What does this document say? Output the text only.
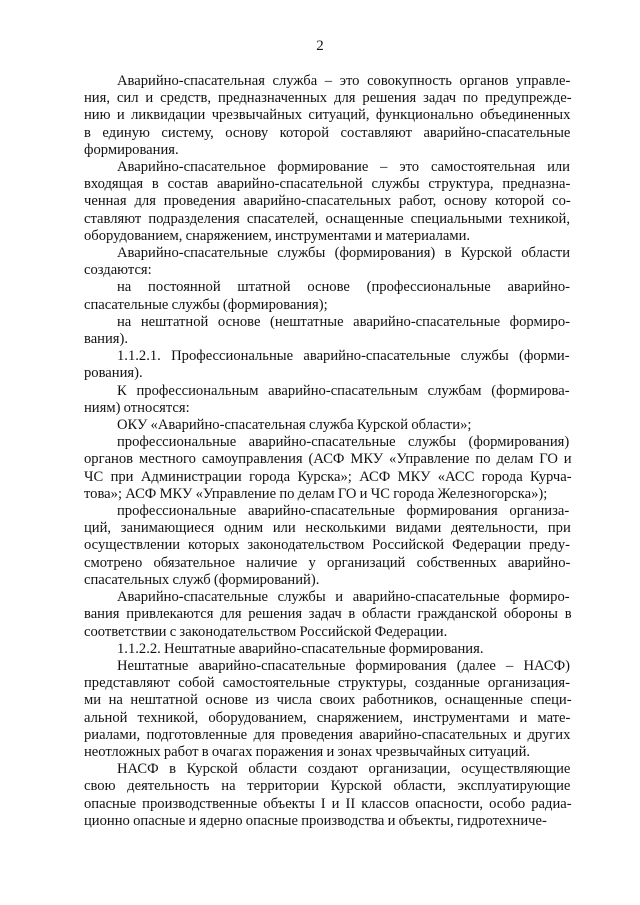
2
Аварийно-спасательная служба – это совокупность органов управле-
ния, сил и средств, предназначенных для решения задач по предупрежде-
нию и ликвидации чрезвычайных ситуаций, функционально объединенных
в единую систему, основу которой составляют аварийно-спасательные
формирования.
Аварийно-спасательное формирование – это самостоятельная или
входящая в состав аварийно-спасательной службы структура, предназна-
ченная для проведения аварийно-спасательных работ, основу которой со-
ставляют подразделения спасателей, оснащенные специальными техникой,
оборудованием, снаряжением, инструментами и материалами.
Аварийно-спасательные службы (формирования) в Курской области
создаются:
на постоянной штатной основе (профессиональные аварийно-
спасательные службы (формирования);
на нештатной основе (нештатные аварийно-спасательные формиро-
вания).
1.1.2.1. Профессиональные аварийно-спасательные службы (форми-
рования).
К профессиональным аварийно-спасательным службам (формирова-
ниям) относятся:
ОКУ «Аварийно-спасательная служба Курской области»;
профессиональные аварийно-спасательные службы (формирования)
органов местного самоуправления (АСФ МКУ «Управление по делам ГО и
ЧС при Администрации города Курска»; АСФ МКУ «АСС города Курча-
това»; АСФ МКУ «Управление по делам ГО и ЧС города Железногорска»);
профессиональные аварийно-спасательные формирования организа-
ций, занимающиеся одним или несколькими видами деятельности, при
осуществлении которых законодательством Российской Федерации преду-
смотрено обязательное наличие у организаций собственных аварийно-
спасательных служб (формирований).
Аварийно-спасательные службы и аварийно-спасательные формиро-
вания привлекаются для решения задач в области гражданской обороны в
соответствии с законодательством Российской Федерации.
1.1.2.2. Нештатные аварийно-спасательные формирования.
Нештатные аварийно-спасательные формирования (далее – НАСФ)
представляют собой самостоятельные структуры, созданные организация-
ми на нештатной основе из числа своих работников, оснащенные специ-
альной техникой, оборудованием, снаряжением, инструментами и мате-
риалами, подготовленные для проведения аварийно-спасательных и других
неотложных работ в очагах поражения и зонах чрезвычайных ситуаций.
НАСФ в Курской области создают организации, осуществляющие
свою деятельность на территории Курской области, эксплуатирующие
опасные производственные объекты I и II классов опасности, особо радиа-
ционно опасные и ядерно опасные производства и объекты, гидротехниче-
